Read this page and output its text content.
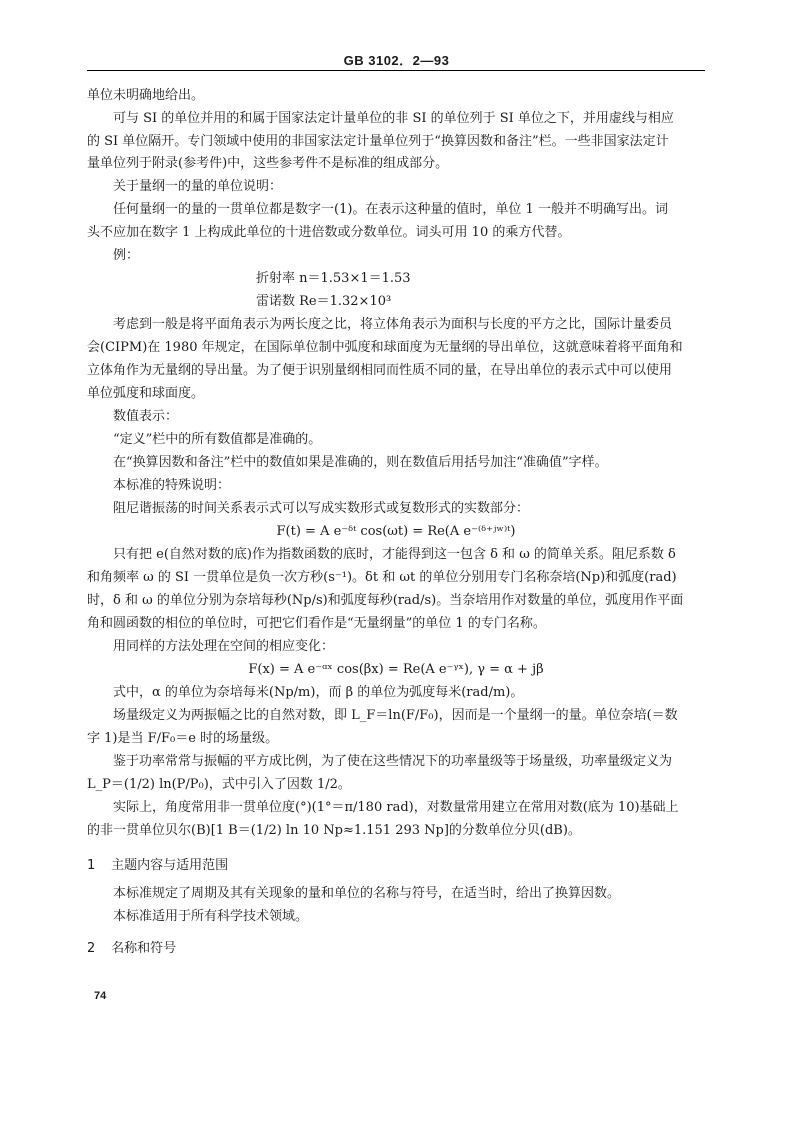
GB 3102．2—93
单位未明确地给出。
可与 SI 的单位并用的和属于国家法定计量单位的非 SI 的单位列于 SI 单位之下，并用虚线与相应
的 SI 单位隔开。专门领域中使用的非国家法定计量单位列于“换算因数和备注”栏。一些非国家法定计
量单位列于附录(参考件)中，这些参考件不是标准的组成部分。
关于量纲一的量的单位说明：
任何量纲一的量的一贯单位都是数字一(1)。在表示这种量的值时，单位 1 一般并不明确写出。词
头不应加在数字 1 上构成此单位的十进倍数或分数单位。词头可用 10 的乘方代替。
例：
折射率 n＝1.53×1＝1.53
雷诺数 Re＝1.32×10³
考虑到一般是将平面角表示为两长度之比，将立体角表示为面积与长度的平方之比，国际计量委员
会(CIPM)在 1980 年规定，在国际单位制中弧度和球面度为无量纲的导出单位，这就意味着将平面角和
立体角作为无量纲的导出量。为了便于识别量纲相同而性质不同的量，在导出单位的表示式中可以使用
单位弧度和球面度。
数值表示：
“定义”栏中的所有数值都是准确的。
在“换算因数和备注”栏中的数值如果是准确的，则在数值后用括号加注“准确值”字样。
本标准的特殊说明：
阻尼谐振荡的时间关系表示式可以写成实数形式或复数形式的实数部分：
F(t) = A e⁻ᵟᵗ cos(ωt) = Re(A e⁻⁽ᵟ⁺ʲʷ⁾ᵗ)
只有把 e(自然对数的底)作为指数函数的底时，才能得到这一包含 δ 和 ω 的简单关系。阻尼系数 δ
和角频率 ω 的 SI 一贯单位是负一次方秒(s⁻¹)。δt 和 ωt 的单位分别用专门名称奈培(Np)和弧度(rad)
时，δ 和 ω 的单位分别为奈培每秒(Np/s)和弧度每秒(rad/s)。当奈培用作对数量的单位，弧度用作平面
角和圆函数的相位的单位时，可把它们看作是“无量纲量”的单位 1 的专门名称。
用同样的方法处理在空间的相应变化：
F(x) = A e⁻ᵅˣ cos(βx) = Re(A e⁻ᵞˣ), γ = α + jβ
式中，α 的单位为奈培每米(Np/m)，而 β 的单位为弧度每米(rad/m)。
场量级定义为两振幅之比的自然对数，即 L_F＝ln(F/F₀)，因而是一个量纲一的量。单位奈培(＝数
字 1)是当 F/F₀＝e 时的场量级。
鉴于功率常常与振幅的平方成比例，为了使在这些情况下的功率量级等于场量级，功率量级定义为
L_P＝(1/2) ln(P/P₀)，式中引入了因数 1/2。
实际上，角度常用非一贯单位度(°)(1°＝π/180 rad)，对数量常用建立在常用对数(底为 10)基础上
的非一贯单位贝尔(B)[1 B＝(1/2) ln 10 Np≈1.151 293 Np]的分数单位分贝(dB)。
1 主题内容与适用范围
本标准规定了周期及其有关现象的量和单位的名称与符号，在适当时，给出了换算因数。
本标准适用于所有科学技术领域。
2 名称和符号
74
